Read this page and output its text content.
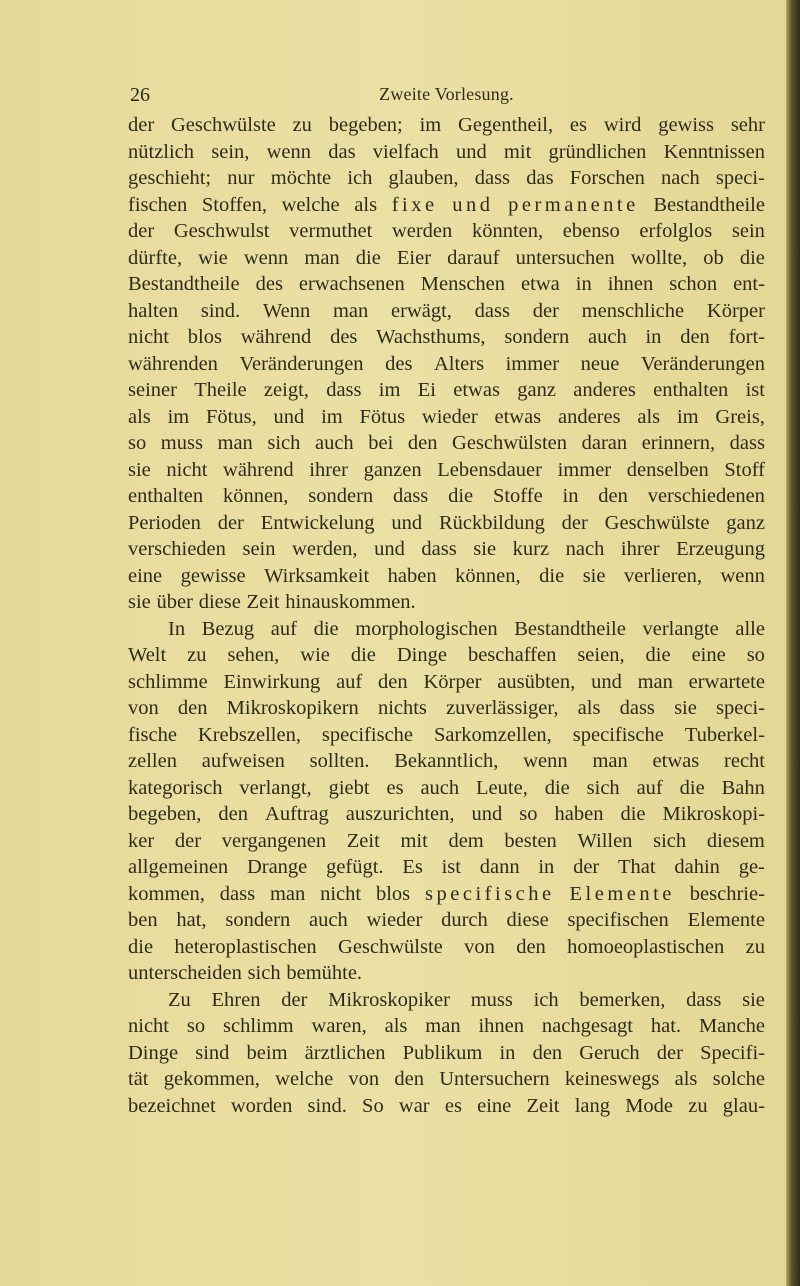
26	Zweite Vorlesung.
der Geschwülste zu begeben; im Gegentheil, es wird gewiss sehr
nützlich sein, wenn das vielfach und mit gründlichen Kenntnissen
geschieht; nur möchte ich glauben, dass das Forschen nach speci-
fischen Stoffen, welche als fixe und permanente Bestandtheile
der Geschwulst vermuthet werden könnten, ebenso erfolglos sein
dürfte, wie wenn man die Eier darauf untersuchen wollte, ob die
Bestandtheile des erwachsenen Menschen etwa in ihnen schon ent-
halten sind. Wenn man erwägt, dass der menschliche Körper
nicht blos während des Wachsthums, sondern auch in den fort-
währenden Veränderungen des Alters immer neue Veränderungen
seiner Theile zeigt, dass im Ei etwas ganz anderes enthalten ist
als im Fötus, und im Fötus wieder etwas anderes als im Greis,
so muss man sich auch bei den Geschwülsten daran erinnern, dass
sie nicht während ihrer ganzen Lebensdauer immer denselben Stoff
enthalten können, sondern dass die Stoffe in den verschiedenen
Perioden der Entwickelung und Rückbildung der Geschwülste ganz
verschieden sein werden, und dass sie kurz nach ihrer Erzeugung
eine gewisse Wirksamkeit haben können, die sie verlieren, wenn
sie über diese Zeit hinauskommen.
In Bezug auf die morphologischen Bestandtheile verlangte alle
Welt zu sehen, wie die Dinge beschaffen seien, die eine so
schlimme Einwirkung auf den Körper ausübten, und man erwartete
von den Mikroskopikern nichts zuverlässiger, als dass sie speci-
fische Krebszellen, specifische Sarkomzellen, specifische Tuberkel-
zellen aufweisen sollten. Bekanntlich, wenn man etwas recht
kategorisch verlangt, giebt es auch Leute, die sich auf die Bahn
begeben, den Auftrag auszurichten, und so haben die Mikroskopi-
ker der vergangenen Zeit mit dem besten Willen sich diesem
allgemeinen Drange gefügt. Es ist dann in der That dahin ge-
kommen, dass man nicht blos specifische Elemente beschrie-
ben hat, sondern auch wieder durch diese specifischen Elemente
die heteroplastischen Geschwülste von den homoeoplastischen zu
unterscheiden sich bemühte.
Zu Ehren der Mikroskopiker muss ich bemerken, dass sie
nicht so schlimm waren, als man ihnen nachgesagt hat. Manche
Dinge sind beim ärztlichen Publikum in den Geruch der Specifi-
tät gekommen, welche von den Untersuchern keineswegs als solche
bezeichnet worden sind. So war es eine Zeit lang Mode zu glau-
